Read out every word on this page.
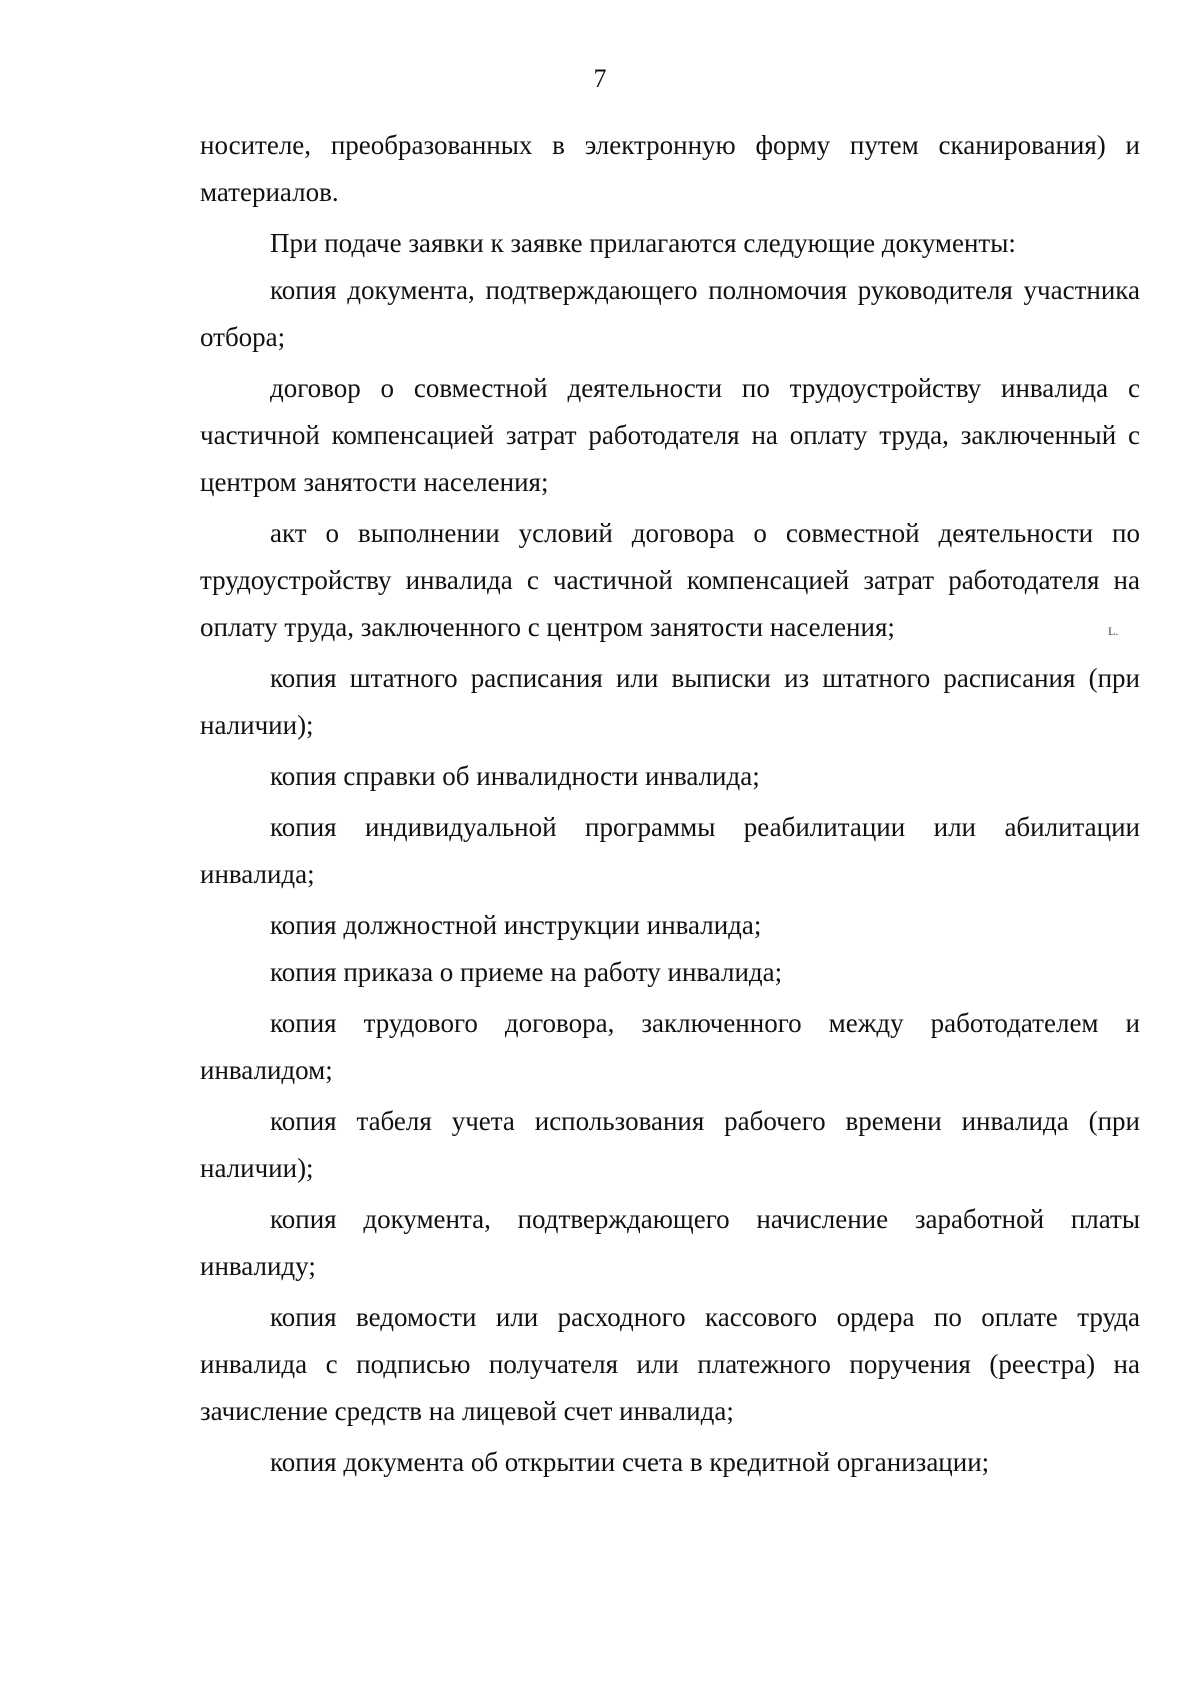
7

носителе, преобразованных в электронную форму путем сканирования) и материалов.

При подаче заявки к заявке прилагаются следующие документы:

копия документа, подтверждающего полномочия руководителя участника отбора;

договор о совместной деятельности по трудоустройству инвалида с частичной компенсацией затрат работодателя на оплату труда, заключенный с центром занятости населения;

акт о выполнении условий договора о совместной деятельности по трудоустройству инвалида с частичной компенсацией затрат работодателя на оплату труда, заключенного с центром занятости населения;

копия штатного расписания или выписки из штатного расписания (при наличии);

копия справки об инвалидности инвалида;

копия индивидуальной программы реабилитации или абилитации инвалида;

копия должностной инструкции инвалида;

копия приказа о приеме на работу инвалида;

копия трудового договора, заключенного между работодателем и инвалидом;

копия табеля учета использования рабочего времени инвалида (при наличии);

копия документа, подтверждающего начисление заработной платы инвалиду;

копия ведомости или расходного кассового ордера по оплате труда инвалида с подписью получателя или платежного поручения (реестра) на зачисление средств на лицевой счет инвалида;

копия документа об открытии счета в кредитной организации;

L.
